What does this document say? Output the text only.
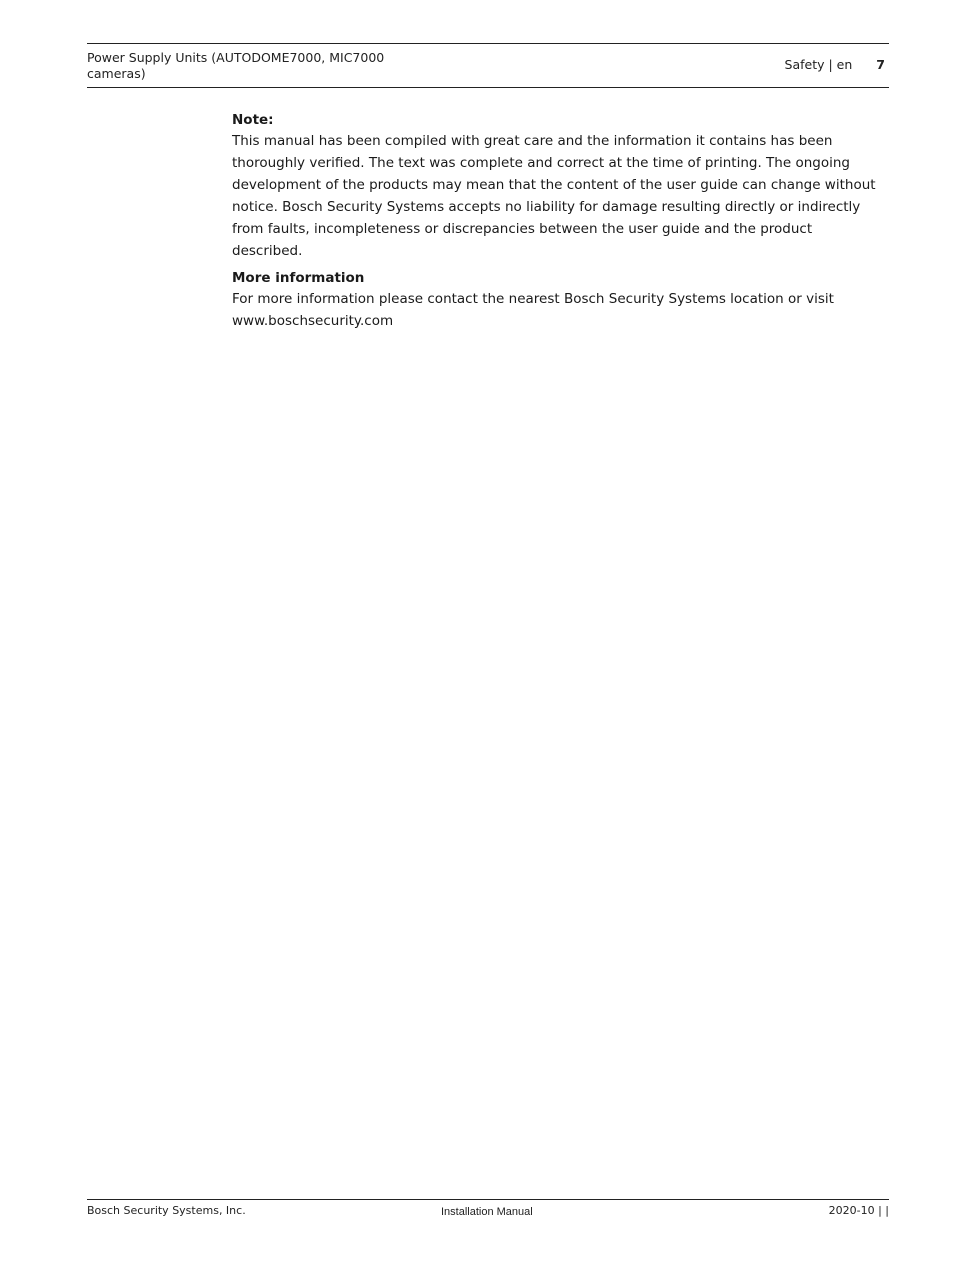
Power Supply Units (AUTODOME7000, MIC7000
cameras)
Safety | en 7

Note:

This manual has been compiled with great care and the information it contains has been

thoroughly verified. The text was complete and correct at the time of printing. The ongoing

development of the products may mean that the content of the user guide can change without

notice. Bosch Security Systems accepts no liability for damage resulting directly or indirectly

from faults, incompleteness or discrepancies between the user guide and the product

described.

More information

For more information please contact the nearest Bosch Security Systems location or visit

www.boschsecurity.com

Bosch Security Systems, Inc.	Installation Manual	2020-10 | |
